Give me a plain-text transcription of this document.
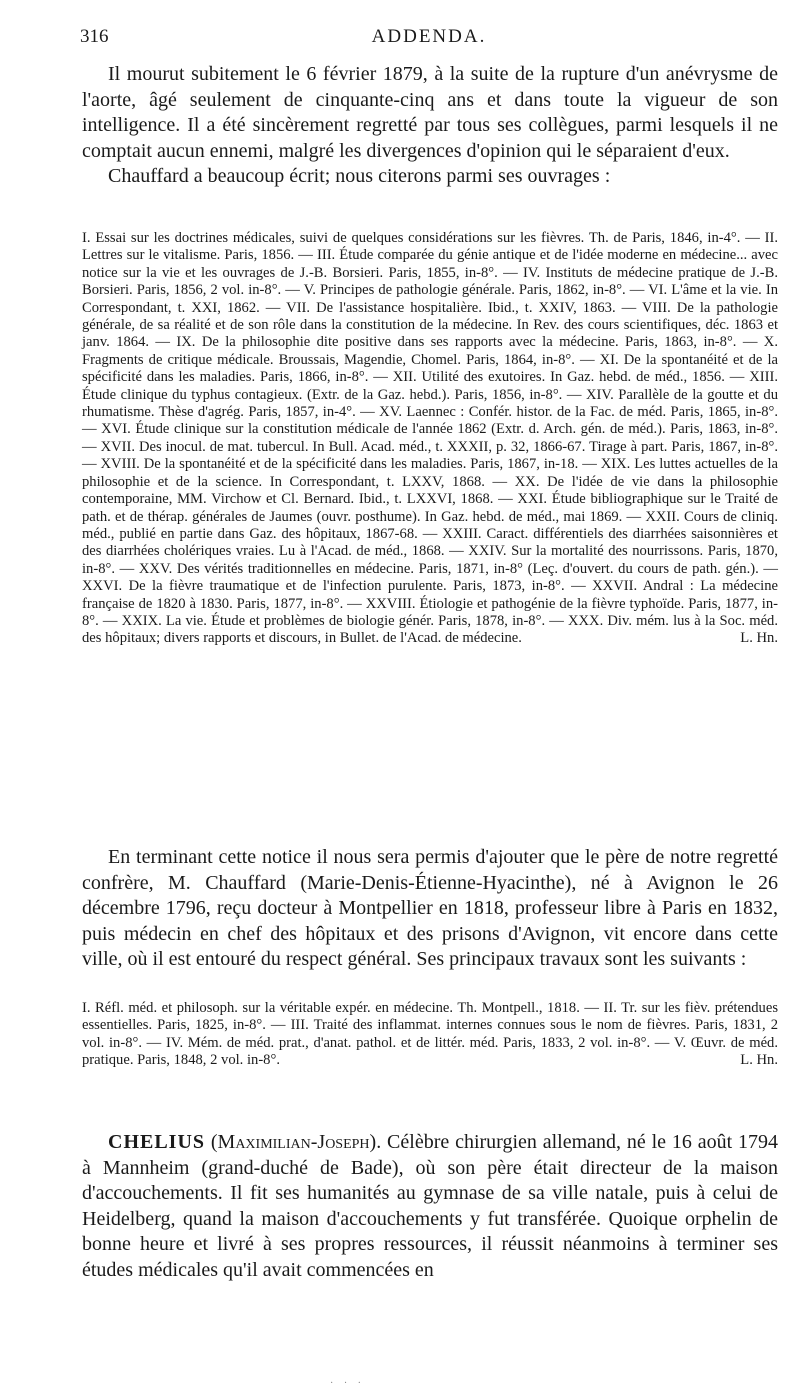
316	ADDENDA.

Il mourut subitement le 6 février 1879, à la suite de la rupture d'un anévrysme de l'aorte, âgé seulement de cinquante-cinq ans et dans toute la vigueur de son intelligence. Il a été sincèrement regretté par tous ses collègues, parmi lesquels il ne comptait aucun ennemi, malgré les divergences d'opinion qui le séparaient d'eux.

Chauffard a beaucoup écrit; nous citerons parmi ses ouvrages :

I. Essai sur les doctrines médicales, suivi de quelques considérations sur les fièvres. Th. de Paris, 1846, in-4°. — II. Lettres sur le vitalisme. Paris, 1856. — III. Étude comparée du génie antique et de l'idée moderne en médecine... avec notice sur la vie et les ouvrages de J.-B. Borsieri. Paris, 1855, in-8°. — IV. Instituts de médecine pratique de J.-B. Borsieri. Paris, 1856, 2 vol. in-8°. — V. Principes de pathologie générale. Paris, 1862, in-8°. — VI. L'âme et la vie. In Correspondant, t. XXI, 1862. — VII. De l'assistance hospitalière. Ibid., t. XXIV, 1863. — VIII. De la pathologie générale, de sa réalité et de son rôle dans la constitution de la médecine. In Rev. des cours scientifiques, déc. 1863 et janv. 1864. — IX. De la philosophie dite positive dans ses rapports avec la médecine. Paris, 1863, in-8°. — X. Fragments de critique médicale. Broussais, Magendie, Chomel. Paris, 1864, in-8°. — XI. De la spontanéité et de la spécificité dans les maladies. Paris, 1866, in-8°. — XII. Utilité des exutoires. In Gaz. hebd. de méd., 1856. — XIII. Étude clinique du typhus contagieux. (Extr. de la Gaz. hebd.). Paris, 1856, in-8°. — XIV. Parallèle de la goutte et du rhumatisme. Thèse d'agrég. Paris, 1857, in-4°. — XV. Laennec : Confér. histor. de la Fac. de méd. Paris, 1865, in-8°. — XVI. Étude clinique sur la constitution médicale de l'année 1862 (Extr. d. Arch. gén. de méd.). Paris, 1863, in-8°. — XVII. Des inocul. de mat. tubercul. In Bull. Acad. méd., t. XXXII, p. 32, 1866-67. Tirage à part. Paris, 1867, in-8°. — XVIII. De la spontanéité et de la spécificité dans les maladies. Paris, 1867, in-18. — XIX. Les luttes actuelles de la philosophie et de la science. In Correspondant, t. LXXV, 1868. — XX. De l'idée de vie dans la philosophie contemporaine, MM. Virchow et Cl. Bernard. Ibid., t. LXXVI, 1868. — XXI. Étude bibliographique sur le Traité de path. et de thérap. générales de Jaumes (ouvr. posthume). In Gaz. hebd. de méd., mai 1869. — XXII. Cours de cliniq. méd., publié en partie dans Gaz. des hôpitaux, 1867-68. — XXIII. Caract. différentiels des diarrhées saisonnières et des diarrhées cholériques vraies. Lu à l'Acad. de méd., 1868. — XXIV. Sur la mortalité des nourrissons. Paris, 1870, in-8°. — XXV. Des vérités traditionnelles en médecine. Paris, 1871, in-8° (Leç. d'ouvert. du cours de path. gén.). — XXVI. De la fièvre traumatique et de l'infection purulente. Paris, 1873, in-8°. — XXVII. Andral : La médecine française de 1820 à 1830. Paris, 1877, in-8°. — XXVIII. Étiologie et pathogénie de la fièvre typhoïde. Paris, 1877, in-8°. — XXIX. La vie. Étude et problèmes de biologie génér. Paris, 1878, in-8°. — XXX. Div. mém. lus à la Soc. méd. des hôpitaux; divers rapports et discours, in Bullet. de l'Acad. de médecine.	L. Hn.

En terminant cette notice il nous sera permis d'ajouter que le père de notre regretté confrère, M. Chauffard (Marie-Denis-Étienne-Hyacinthe), né à Avignon le 26 décembre 1796, reçu docteur à Montpellier en 1818, professeur libre à Paris en 1832, puis médecin en chef des hôpitaux et des prisons d'Avignon, vit encore dans cette ville, où il est entouré du respect général. Ses principaux travaux sont les suivants :

I. Réfl. méd. et philosoph. sur la véritable expér. en médecine. Th. Montpell., 1818. — II. Tr. sur les fièv. prétendues essentielles. Paris, 1825, in-8°. — III. Traité des inflammat. internes connues sous le nom de fièvres. Paris, 1831, 2 vol. in-8°. — IV. Mém. de méd. prat., d'anat. pathol. et de littér. méd. Paris, 1833, 2 vol. in-8°. — V. Œuvr. de méd. pratique. Paris, 1848, 2 vol. in-8°.	L. Hn.

CHELIUS (Maximilian-Joseph). Célèbre chirurgien allemand, né le 16 août 1794 à Mannheim (grand-duché de Bade), où son père était directeur de la maison d'accouchements. Il fit ses humanités au gymnase de sa ville natale, puis à celui de Heidelberg, quand la maison d'accouchements y fut transférée. Quoique orphelin de bonne heure et livré à ses propres ressources, il réussit néanmoins à terminer ses études médicales qu'il avait commencées en

· · ·
